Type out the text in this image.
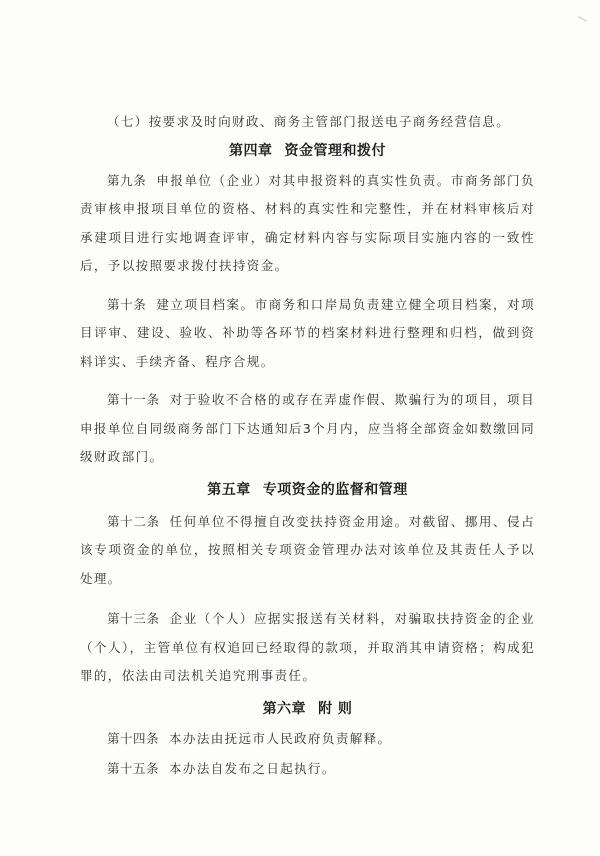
（七）按要求及时向财政、商务主管部门报送电子商务经营信息。

第四章 资金管理和拨付

第九条 申报单位（企业）对其申报资料的真实性负责。市商务部门负责审核申报项目单位的资格、材料的真实性和完整性，并在材料审核后对承建项目进行实地调查评审，确定材料内容与实际项目实施内容的一致性后，予以按照要求拨付扶持资金。

第十条 建立项目档案。市商务和口岸局负责建立健全项目档案，对项目评审、建设、验收、补助等各环节的档案材料进行整理和归档，做到资料详实、手续齐备、程序合规。

第十一条 对于验收不合格的或存在弄虚作假、欺骗行为的项目，项目申报单位自同级商务部门下达通知后3个月内，应当将全部资金如数缴回同级财政部门。

第五章 专项资金的监督和管理

第十二条 任何单位不得擅自改变扶持资金用途。对截留、挪用、侵占该专项资金的单位，按照相关专项资金管理办法对该单位及其责任人予以处理。

第十三条 企业（个人）应据实报送有关材料，对骗取扶持资金的企业（个人），主管单位有权追回已经取得的款项，并取消其申请资格；构成犯罪的，依法由司法机关追究刑事责任。

第六章 附 则

第十四条 本办法由抚远市人民政府负责解释。

第十五条 本办法自发布之日起执行。
